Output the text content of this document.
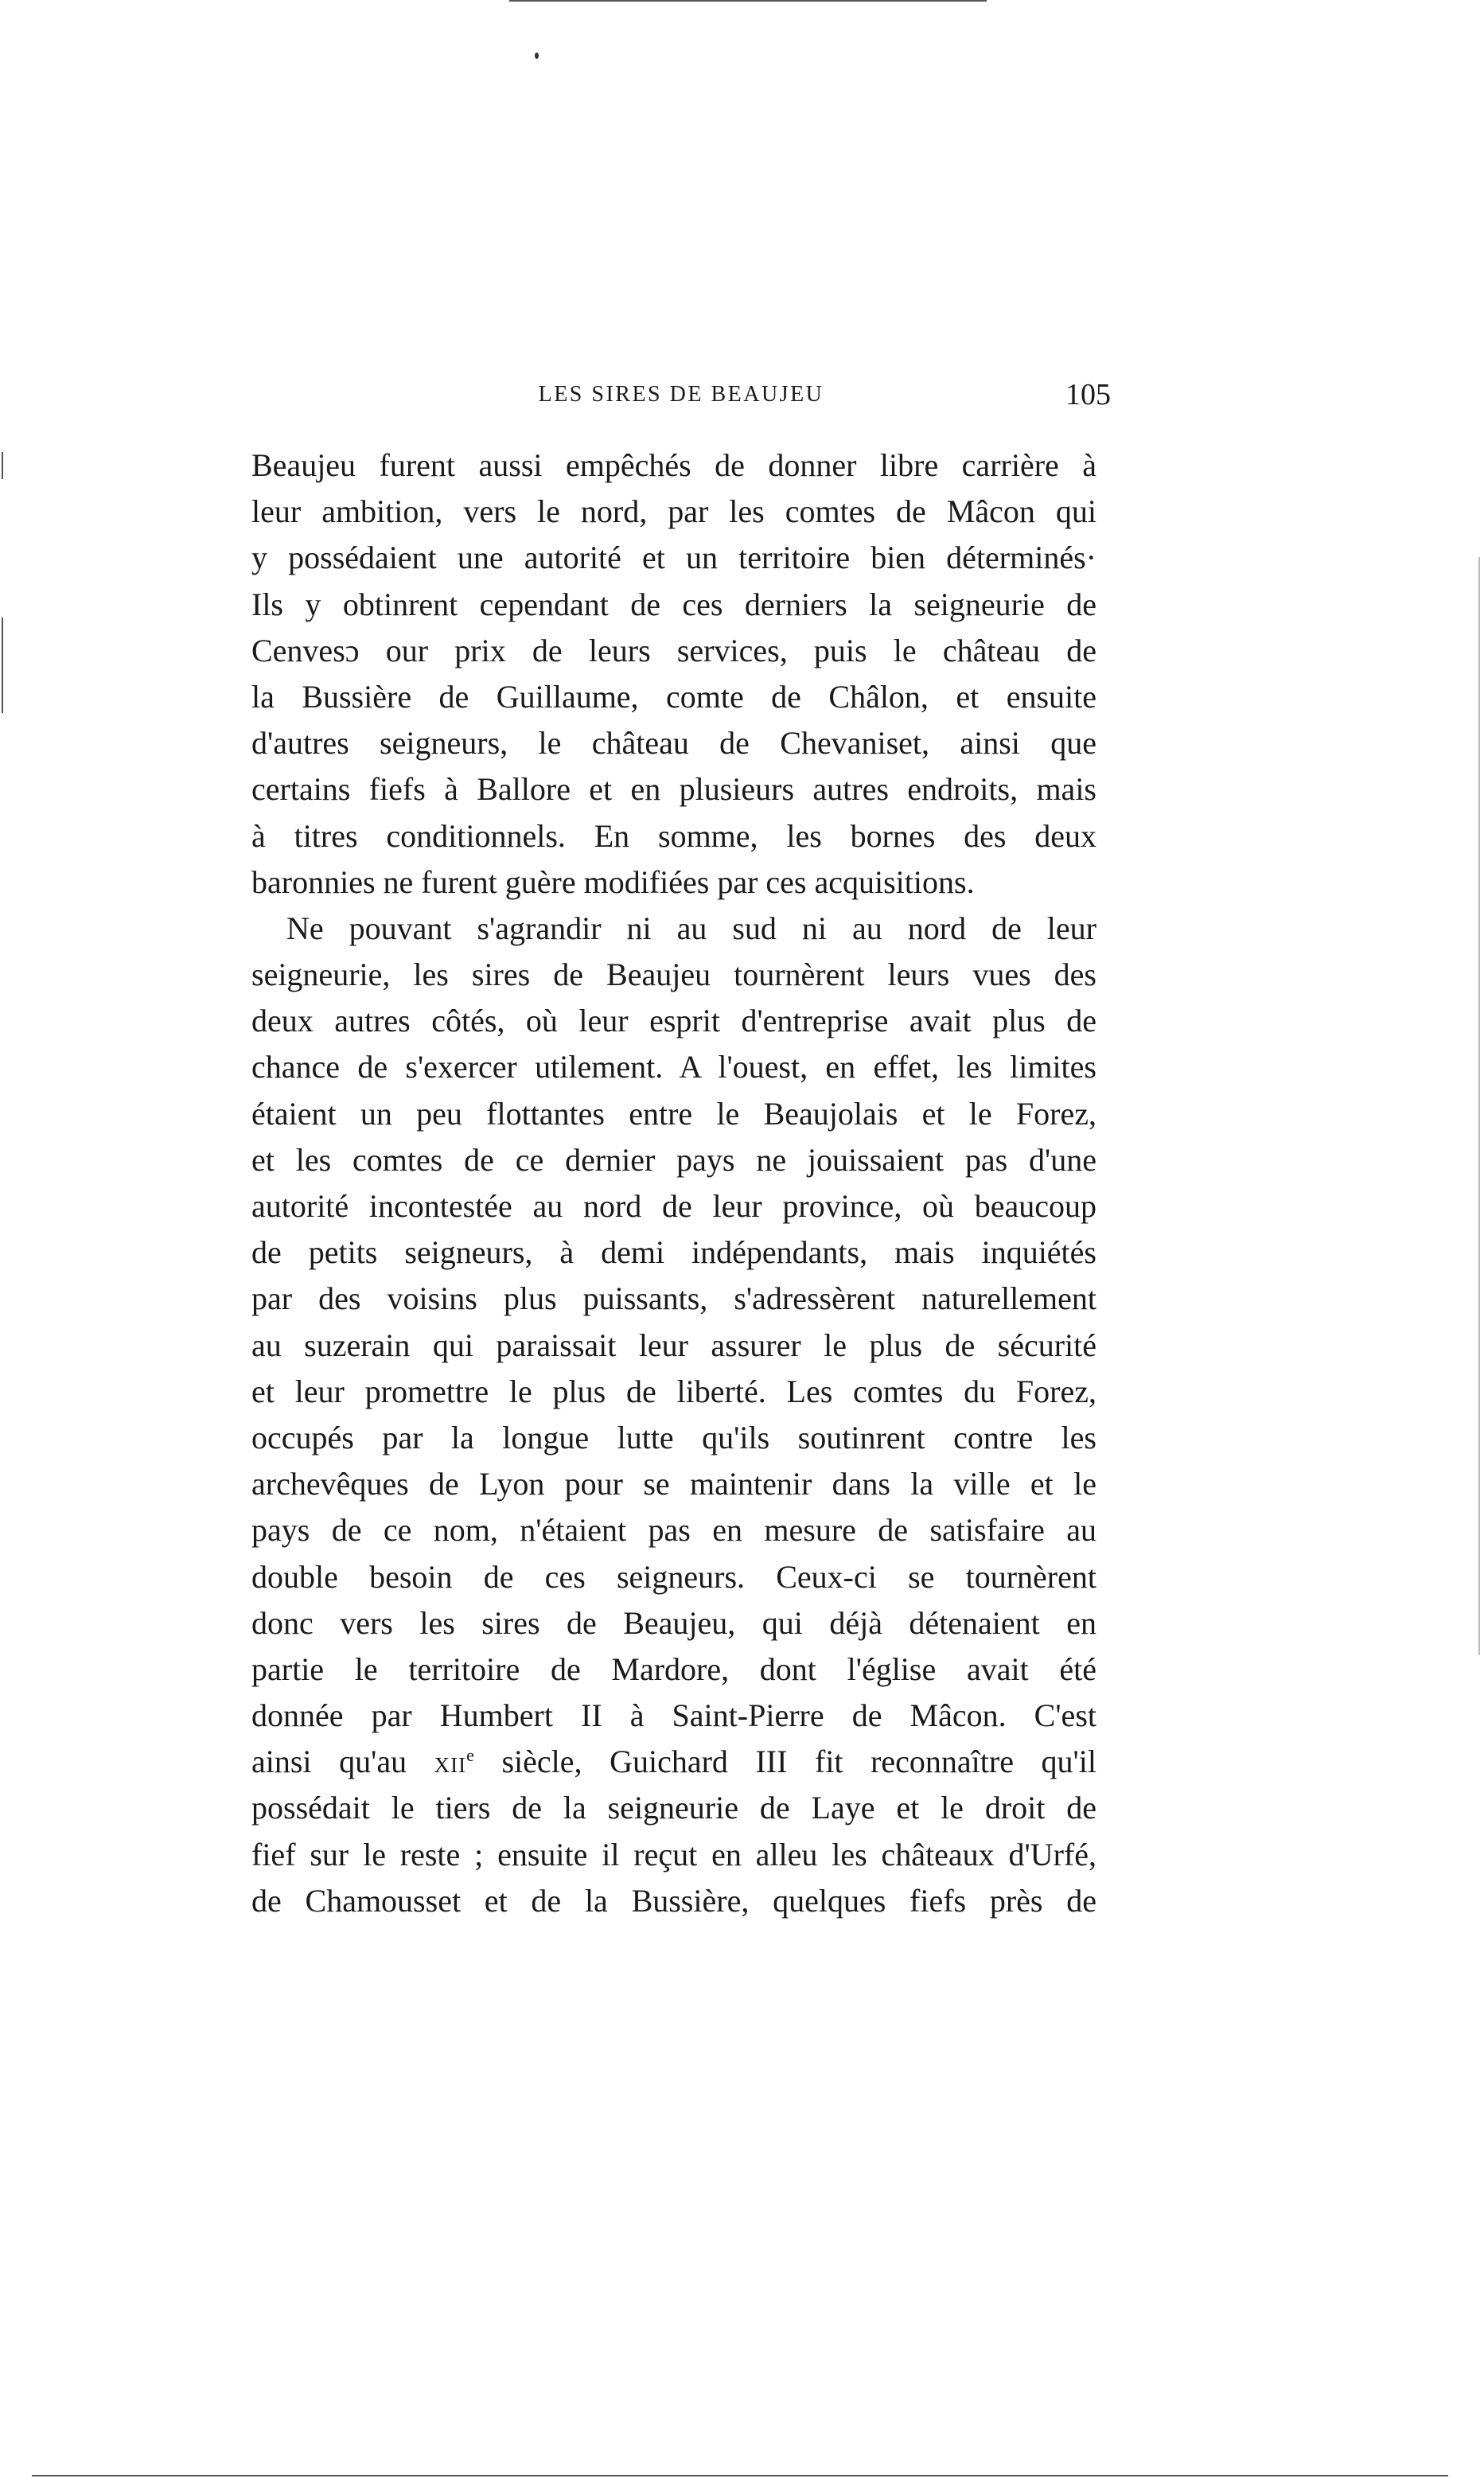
LES SIRES DE BEAUJEU	105
Beaujeu furent aussi empêchés de donner libre carrière à
leur ambition, vers le nord, par les comtes de Mâcon qui
y possédaient une autorité et un territoire bien déterminés·
Ils y obtinrent cependant de ces derniers la seigneurie de
Cenvesɔ our prix de leurs services, puis le château de
la Bussière de Guillaume, comte de Châlon, et ensuite
d'autres seigneurs, le château de Chevaniset, ainsi que
certains fiefs à Ballore et en plusieurs autres endroits, mais
à titres conditionnels. En somme, les bornes des deux
baronnies ne furent guère modifiées par ces acquisitions.
Ne pouvant s'agrandir ni au sud ni au nord de leur
seigneurie, les sires de Beaujeu tournèrent leurs vues des
deux autres côtés, où leur esprit d'entreprise avait plus de
chance de s'exercer utilement. A l'ouest, en effet, les limites
étaient un peu flottantes entre le Beaujolais et le Forez,
et les comtes de ce dernier pays ne jouissaient pas d'une
autorité incontestée au nord de leur province, où beaucoup
de petits seigneurs, à demi indépendants, mais inquiétés
par des voisins plus puissants, s'adressèrent naturellement
au suzerain qui paraissait leur assurer le plus de sécurité
et leur promettre le plus de liberté. Les comtes du Forez,
occupés par la longue lutte qu'ils soutinrent contre les
archevêques de Lyon pour se maintenir dans la ville et le
pays de ce nom, n'étaient pas en mesure de satisfaire au
double besoin de ces seigneurs. Ceux-ci se tournèrent
donc vers les sires de Beaujeu, qui déjà détenaient en
partie le territoire de Mardore, dont l'église avait été
donnée par Humbert II à Saint-Pierre de Mâcon. C'est
ainsi qu'au XIIe siècle, Guichard III fit reconnaître qu'il
possédait le tiers de la seigneurie de Laye et le droit de
fief sur le reste ; ensuite il reçut en alleu les châteaux d'Urfé,
de Chamousset et de la Bussière, quelques fiefs près de
